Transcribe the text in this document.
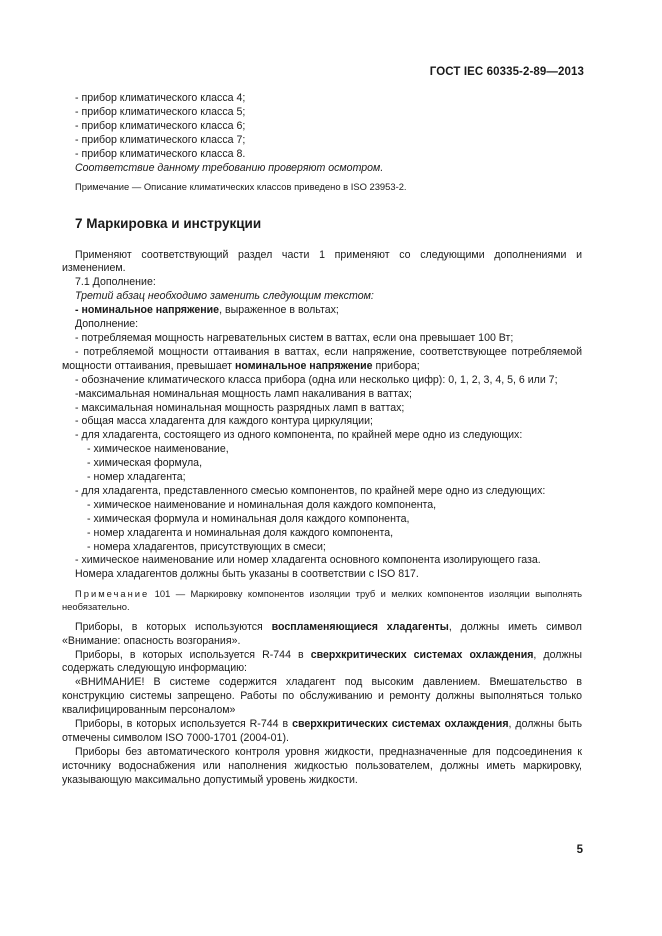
ГОСТ IEC 60335-2-89—2013
- прибор климатического класса 4;
- прибор климатического класса 5;
- прибор климатического класса 6;
- прибор климатического класса 7;
- прибор климатического класса 8.
Соответствие данному требованию проверяют осмотром.
Примечание — Описание климатических классов приведено в ISO 23953-2.
7 Маркировка и инструкции
Применяют соответствующий раздел части 1 применяют со следующими дополнениями и изменением.
7.1 Дополнение:
Третий абзац необходимо заменить следующим текстом:
- номинальное напряжение, выраженное в вольтах;
Дополнение:
- потребляемая мощность нагревательных систем в ваттах, если она превышает 100 Вт;
- потребляемой мощности оттаивания в ваттах, если напряжение, соответствующее потребляемой мощности оттаивания, превышает номинальное напряжение прибора;
- обозначение климатического класса прибора (одна или несколько цифр): 0, 1, 2, 3, 4, 5, 6 или 7;
-максимальная номинальная мощность ламп накаливания в ваттах;
- максимальная номинальная мощность разрядных ламп в ваттах;
- общая масса хладагента для каждого контура циркуляции;
- для хладагента, состоящего из одного компонента, по крайней мере одно из следующих:
- химическое наименование,
- химическая формула,
- номер хладагента;
- для хладагента, представленного смесью компонентов, по крайней мере одно из следующих:
- химическое наименование и номинальная доля каждого компонента,
- химическая формула и номинальная доля каждого компонента,
- номер хладагента и номинальная доля каждого компонента,
- номера хладагентов, присутствующих в смеси;
- химическое наименование или номер хладагента основного компонента изолирующего газа.
Номера хладагентов должны быть указаны в соответствии с ISO 817.
Примечание 101 — Маркировку компонентов изоляции труб и мелких компонентов изоляции выполнять необязательно.
Приборы, в которых используются воспламеняющиеся хладагенты, должны иметь символ «Внимание: опасность возгорания».
Приборы, в которых используется R-744 в сверхкритических системах охлаждения, должны содержать следующую информацию:
«ВНИМАНИЕ! В системе содержится хладагент под высоким давлением. Вмешательство в конструкцию системы запрещено. Работы по обслуживанию и ремонту должны выполняться только квалифицированным персоналом»
Приборы, в которых используется R-744 в сверхкритических системах охлаждения, должны быть отмечены символом ISO 7000-1701 (2004-01).
Приборы без автоматического контроля уровня жидкости, предназначенные для подсоединения к источнику водоснабжения или наполнения жидкостью пользователем, должны иметь маркировку, указывающую максимально допустимый уровень жидкости.
5
